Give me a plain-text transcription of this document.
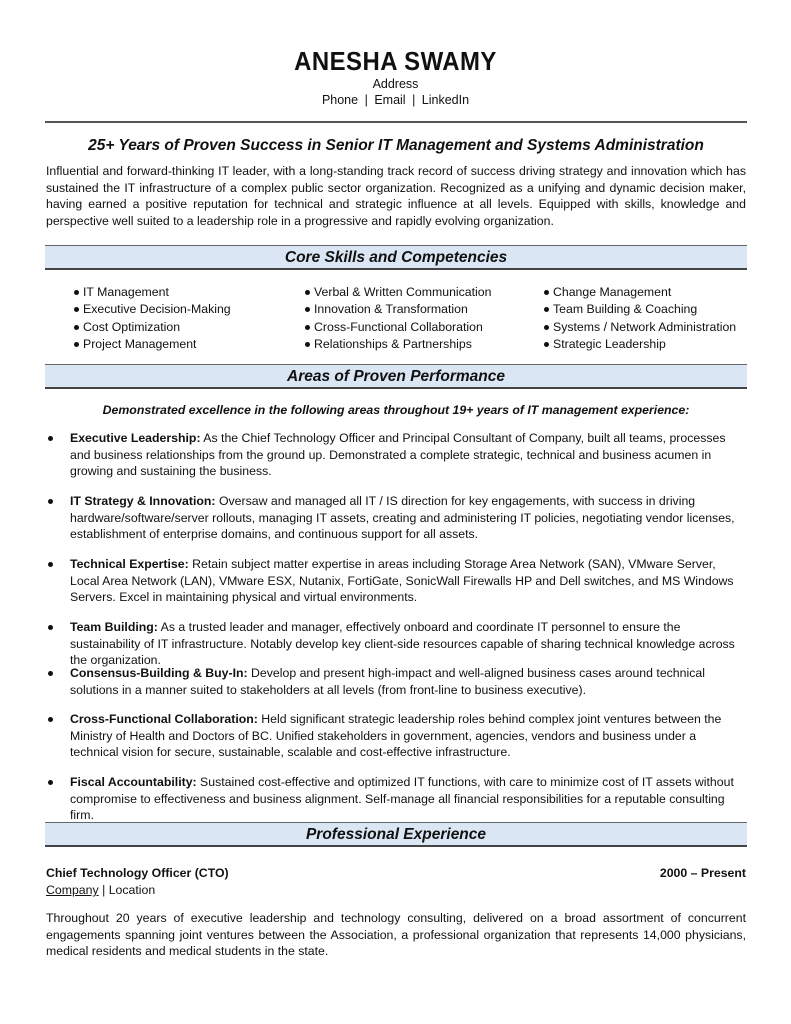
ANESHA SWAMY
Address
Phone | Email | LinkedIn
25+ Years of Proven Success in Senior IT Management and Systems Administration
Influential and forward-thinking IT leader, with a long-standing track record of success driving strategy and innovation which has sustained the IT infrastructure of a complex public sector organization. Recognized as a unifying and dynamic decision maker, having earned a positive reputation for technical and strategic influence at all levels. Equipped with skills, knowledge and perspective well suited to a leadership role in a progressive and rapidly evolving organization.
Core Skills and Competencies
IT Management
Executive Decision-Making
Cost Optimization
Project Management
Verbal & Written Communication
Innovation & Transformation
Cross-Functional Collaboration
Relationships & Partnerships
Change Management
Team Building & Coaching
Systems / Network Administration
Strategic Leadership
Areas of Proven Performance
Demonstrated excellence in the following areas throughout 19+ years of IT management experience:
Executive Leadership: As the Chief Technology Officer and Principal Consultant of Company, built all teams, processes and business relationships from the ground up. Demonstrated a complete strategic, technical and business acumen in growing and sustaining the business.
IT Strategy & Innovation: Oversaw and managed all IT / IS direction for key engagements, with success in driving hardware/software/server rollouts, managing IT assets, creating and administering IT policies, negotiating vendor licenses, establishment of enterprise domains, and continuous support for all assets.
Technical Expertise: Retain subject matter expertise in areas including Storage Area Network (SAN), VMware Server, Local Area Network (LAN), VMware ESX, Nutanix, FortiGate, SonicWall Firewalls HP and Dell switches, and MS Windows Servers. Excel in maintaining physical and virtual environments.
Team Building: As a trusted leader and manager, effectively onboard and coordinate IT personnel to ensure the sustainability of IT infrastructure. Notably develop key client-side resources capable of sharing technical knowledge across the organization.
Consensus-Building & Buy-In: Develop and present high-impact and well-aligned business cases around technical solutions in a manner suited to stakeholders at all levels (from front-line to business executive).
Cross-Functional Collaboration: Held significant strategic leadership roles behind complex joint ventures between the Ministry of Health and Doctors of BC. Unified stakeholders in government, agencies, vendors and business under a technical vision for secure, sustainable, scalable and cost-effective infrastructure.
Fiscal Accountability: Sustained cost-effective and optimized IT functions, with care to minimize cost of IT assets without compromise to effectiveness and business alignment. Self-manage all financial responsibilities for a reputable consulting firm.
Professional Experience
Chief Technology Officer (CTO)	2000 – Present
Company | Location
Throughout 20 years of executive leadership and technology consulting, delivered on a broad assortment of concurrent engagements spanning joint ventures between the Association, a professional organization that represents 14,000 physicians, medical residents and medical students in the state.
